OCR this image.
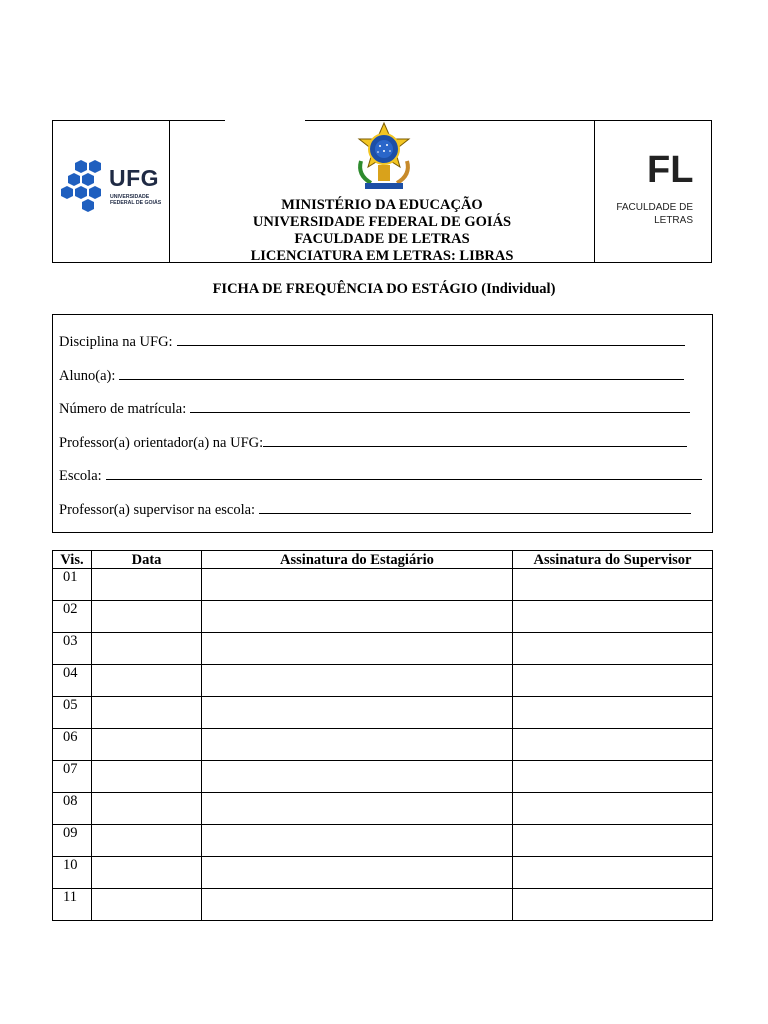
UFG
UNIVERSIDADE
FEDERAL DE GOIÁS	MINISTÉRIO DA EDUCAÇÃO
UNIVERSIDADE FEDERAL DE GOIÁS
FACULDADE DE LETRAS
LICENCIATURA EM LETRAS: LIBRAS
FL
FACULDADE DE
LETRAS
FICHA DE FREQUÊNCIA DO ESTÁGIO (Individual)
Disciplina na UFG:
Aluno(a):
Número de matrícula:
Professor(a) orientador(a) na UFG:
Escola:
Professor(a) supervisor na escola:
Vis.	Data	Assinatura do Estagiário	Assinatura do Supervisor
01			
02			
03			
04			
05			
06			
07			
08			
09			
10			
11			
